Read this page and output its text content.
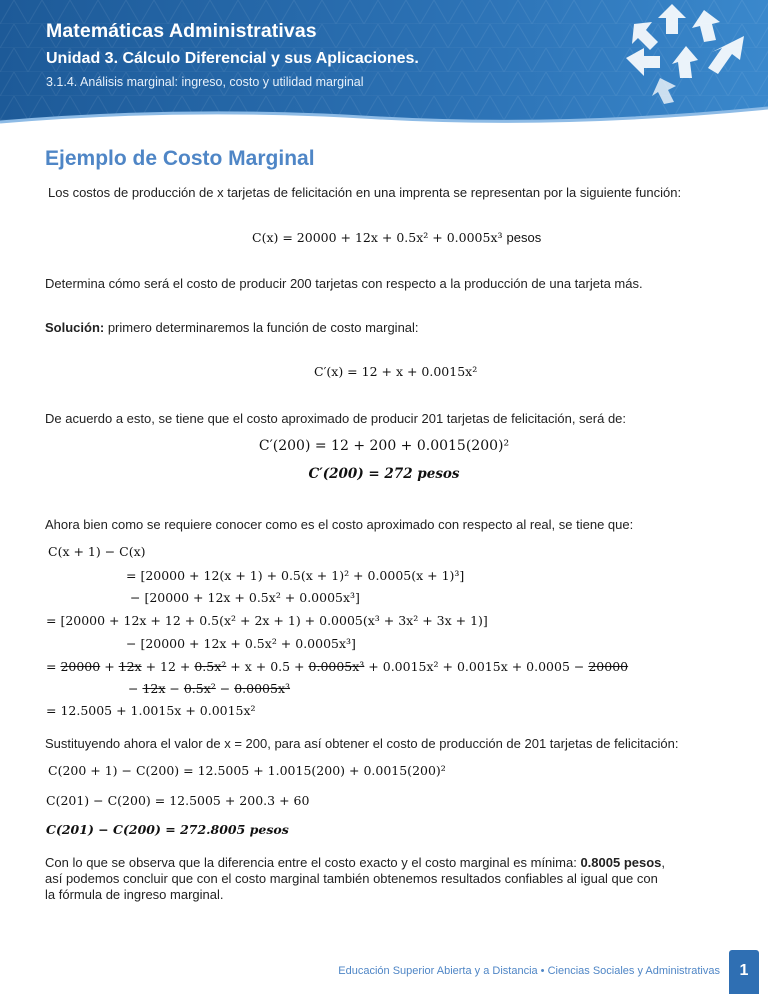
Matemáticas Administrativas
Unidad 3. Cálculo Diferencial y sus Aplicaciones.
3.1.4. Análisis marginal: ingreso, costo y utilidad marginal
Ejemplo de Costo Marginal
Los costos de producción de x tarjetas de felicitación en una imprenta se representan por la siguiente función:
C(x) = 20000 + 12x + 0.5x² + 0.0005x³ pesos
Determina cómo será el costo de producir 200 tarjetas con respecto a la producción de una tarjeta más.
Solución: primero determinaremos la función de costo marginal:
C′(x) = 12 + x + 0.0015x²
De acuerdo a esto, se tiene que el costo aproximado de producir 201 tarjetas de felicitación, será de:
C′(200) = 12 + 200 + 0.0015(200)²
C′(200) = 272 pesos
Ahora bien como se requiere conocer como es el costo aproximado con respecto al real, se tiene que:
C(x + 1) − C(x)
= [20000 + 12(x + 1) + 0.5(x + 1)² + 0.0005(x + 1)³]
− [20000 + 12x + 0.5x² + 0.0005x³]
= [20000 + 12x + 12 + 0.5(x² + 2x + 1) + 0.0005(x³ + 3x² + 3x + 1)]
− [20000 + 12x + 0.5x² + 0.0005x³]
= 20000 + 12x + 12 + 0.5x² + x + 0.5 + 0.0005x³ + 0.0015x² + 0.0015x + 0.0005 − 20000
− 12x − 0.5x² − 0.0005x³
= 12.5005 + 1.0015x + 0.0015x²
Sustituyendo ahora el valor de x = 200, para así obtener el costo de producción de 201 tarjetas de felicitación:
C(200 + 1) − C(200) = 12.5005 + 1.0015(200) + 0.0015(200)²
C(201) − C(200) = 12.5005 + 200.3 + 60
C(201) − C(200) = 272.8005 pesos
Con lo que se observa que la diferencia entre el costo exacto y el costo marginal es mínima: 0.8005 pesos,
así podemos concluir que con el costo marginal también obtenemos resultados confiables al igual que con
la fórmula de ingreso marginal.
Educación Superior Abierta y a Distancia • Ciencias Sociales y Administrativas	1
